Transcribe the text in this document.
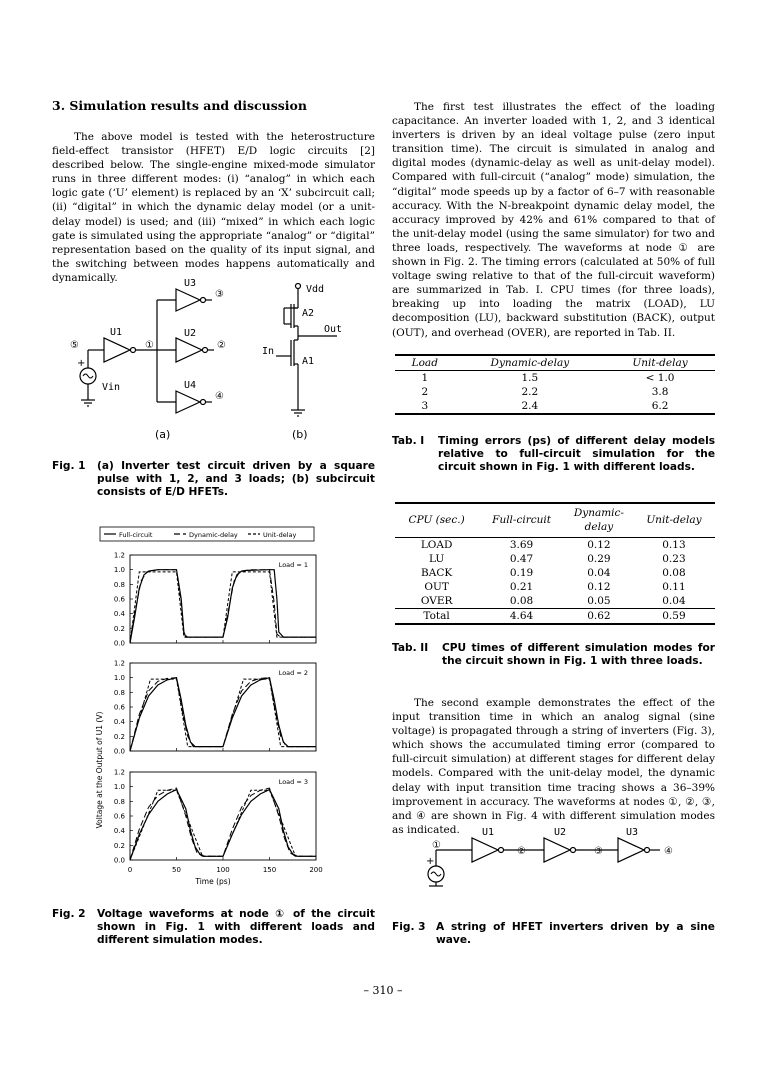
3. Simulation results and discussion

The above model is tested with the heterostructure field-effect transistor (HFET) E/D logic circuits [2] described below. The single-engine mixed-mode simulator runs in three different modes: (i) “analog” in which each logic gate (‘U’ element) is replaced by an ‘X’ subcircuit call; (ii) “digital” in which the dynamic delay model (or a unit-delay model) is used; and (iii) “mixed” in which each logic gate is simulated using the appropriate “analog” or “digital” representation based on the quality of its input signal, and the switching between modes happens automatically and dynamically.

⑤
+
U1
Vin
①
U3
③
U2
②
U4
④
Vdd
A2
Out
In
A1
(a)	(b)
Fig. 1	(a) Inverter test circuit driven by a square pulse with 1, 2, and 3 loads; (b) subcircuit consists of E/D HFETs.
Full-circuit	Dynamic-delay	Unit-delay
Voltage at the Output of U1 (V)
0.0
0.2
0.4
0.6
0.8
1.0
1.2
Load = 1
0.0
0.2
0.4
0.6
0.8
1.0
1.2
Load = 2
0.0
0.2
0.4
0.6
0.8
1.0
1.2
Load = 3
0	50	100	150	200
Time (ps)
Fig. 2	Voltage waveforms at node ① of the circuit shown in Fig. 1 with different loads and different simulation modes.

The first test illustrates the effect of the loading capacitance. An inverter loaded with 1, 2, and 3 identical inverters is driven by an ideal voltage pulse (zero input transition time). The circuit is simulated in analog and digital modes (dynamic-delay as well as unit-delay model). Compared with full-circuit (“analog” mode) simulation, the “digital” mode speeds up by a factor of 6–7 with reasonable accuracy. With the N-breakpoint dynamic delay model, the accuracy improved by 42% and 61% compared to that of the unit-delay model (using the same simulator) for two and three loads, respectively. The waveforms at node ① are shown in Fig. 2. The timing errors (calculated at 50% of full voltage swing relative to that of the full-circuit waveform) are summarized in Tab. I. CPU times (for three loads), breaking up into loading the matrix (LOAD), LU decomposition (LU), backward substitution (BACK), output (OUT), and overhead (OVER), are reported in Tab. II.

Load	Dynamic-delay	Unit-delay
1	1.5	< 1.0
2	2.2	3.8
3	2.4	6.2
Tab. I	Timing errors (ps) of different delay models relative to full-circuit simulation for the circuit shown in Fig. 1 with different loads.
CPU (sec.)	Full-circuit	Dynamic-delay	Unit-delay
LOAD	3.69	0.12	0.13
LU	0.47	0.29	0.23
BACK	0.19	0.04	0.08
OUT	0.21	0.12	0.11
OVER	0.08	0.05	0.04
Total	4.64	0.62	0.59
Tab. II	CPU times of different simulation modes for the circuit shown in Fig. 1 with three loads.

The second example demonstrates the effect of the input transition time in which an analog signal (sine voltage) is propagated through a string of inverters (Fig. 3), which shows the accumulated timing error (compared to full-circuit simulation) at different stages for different delay models. Compared with the unit-delay model, the dynamic delay with input transition time tracing shows a 36–39% improvement in accuracy. The waveforms at nodes ①, ②, ③, and ④ are shown in Fig. 4 with different simulation modes as indicated.

①
+
U1
②
U2
③
U3
④
Fig. 3 A string of HFET inverters driven by a sine wave.
– 310 –
